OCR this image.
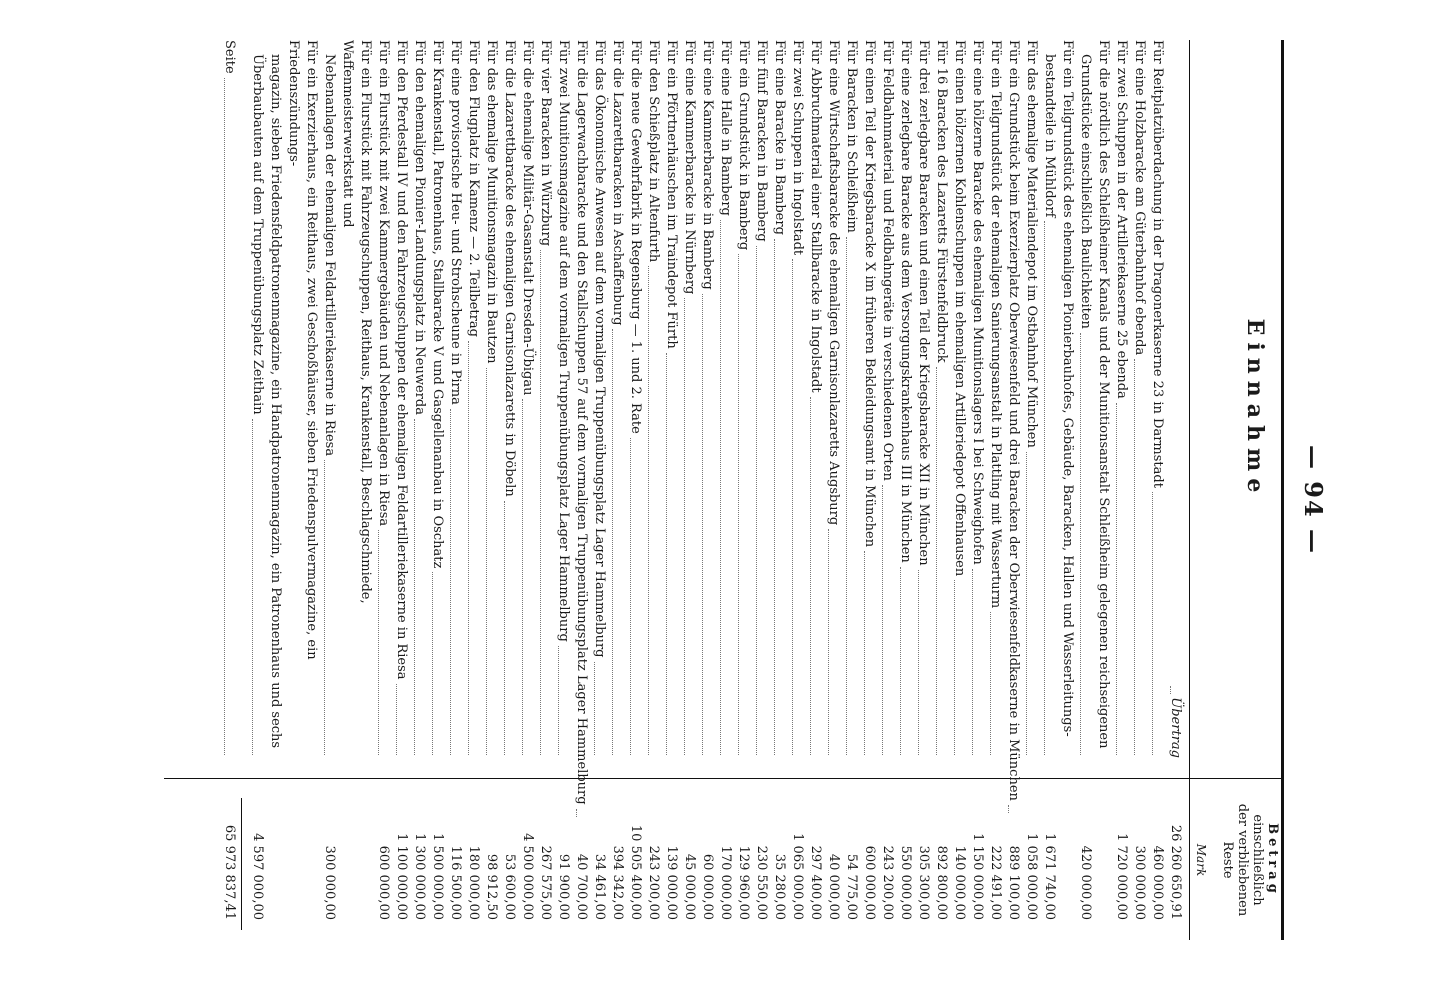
— 94 —
Einnahme
Betrag
einschließlich
der verbliebenen
Reste
Mark
Übertrag
26 260 650,91
Für Reitplatzüberdachung in der Dragonerkaserne 23 in Darmstadt
460 000,00
Für eine Holzbaracke am Güterbahnhof ebenda
300 000,00
Für zwei Schuppen in der Artilleriekaserne 25 ebenda
1 720 000,00
Für die nördlich des Schleißheimer Kanals und der Munitionsanstalt Schleißheim gelegenen reichseigenen
Grundstücke einschließlich Baulichkeiten
420 000,00
Für ein Teilgrundstück des ehemaligen Pionierbauhofes, Gebäude, Baracken, Hallen und Wasserleitungs-
bestandteile in Mühldorf
1 671 740,00
Für das ehemalige Materialiendepot im Ostbahnhof München
1 058 000,00
Für ein Grundstück beim Exerzierplatz Oberwiesenfeld und drei Baracken der Oberwiesenfeldkaserne in München
889 100,00
Für ein Teilgrundstück der ehemaligen Sanierungsanstalt in Plattling mit Wasserturm
222 491,00
Für eine hölzerne Baracke des ehemaligen Munitionslagers I bei Schweighofen
1 150 000,00
Für einen hölzernen Kohlenschuppen im ehemaligen Artilleriedepot Offenhausen
140 000,00
Für 16 Baracken des Lazaretts Fürstenfeldbruck
892 800,00
Für drei zerlegbare Baracken und einen Teil der Kriegsbaracke XII in München
305 300,00
Für eine zerlegbare Baracke aus dem Versorgungskrankenhaus III in München
550 000,00
Für Feldbahnmaterial und Feldbahngeräte in verschiedenen Orten
243 200,00
Für einen Teil der Kriegsbaracke X im früheren Bekleidungsamt in München
600 000,00
Für Baracken in Schleißheim
54 775,00
Für eine Wirtschaftsbaracke des ehemaligen Garnisonlazaretts Augsburg
40 000,00
Für Abbruchmaterial einer Stallbaracke in Ingolstadt
297 400,00
Für zwei Schuppen in Ingolstadt
1 065 000,00
Für eine Baracke in Bamberg
35 280,00
Für fünf Baracken in Bamberg
230 550,00
Für ein Grundstück in Bamberg
129 960,00
Für eine Halle in Bamberg
170 000,00
Für eine Kammerbaracke in Bamberg
60 000,00
Für eine Kammerbaracke in Nürnberg
45 000,00
Für ein Pförtnerhäuschen im Traindepot Fürth
139 000,00
Für den Schießplatz in Altenfurth
243 200,00
Für die neue Gewehrfabrik in Regensburg — 1. und 2. Rate
10 505 400,00
Für die Lazarettbaracken in Aschaffenburg
394 342,00
Für das Ökonomische Anwesen auf dem vormaligen Truppenübungsplatz Lager Hammelburg
34 461,00
Für die Lagerwachbaracke und den Stallschuppen 57 auf dem vormaligen Truppenübungsplatz Lager Hammelburg
40 700,00
Für zwei Munitionsmagazine auf dem vormaligen Truppenübungsplatz Lager Hammelburg
91 900,00
Für vier Baracken in Würzburg
267 575,00
Für die ehemalige Militär-Gasanstalt Dresden-Übigau
4 500 000,00
Für die Lazarettbaracke des ehemaligen Garnisonlazaretts in Döbeln
53 600,00
Für das ehemalige Munitionsmagazin in Bautzen
98 912,50
Für den Flugplatz in Kamenz — 2. Teilbetrag
180 000,00
Für eine provisorische Heu- und Strohscheune in Pirna
116 500,00
Für Krankenstall, Patronenhaus, Stallbaracke V und Gasgellenanbau in Oschatz
1 500 000,00
Für den ehemaligen Pionier-Landungsplatz in Neuwerda
1 300 000,00
Für den Pferdestall IV und den Fahrzeugschuppen der ehemaligen Feldartilleriekaserne in Riesa
1 100 000,00
Für ein Flurstück mit zwei Kammergebäuden und Nebenanlagen in Riesa
600 000,00
Für ein Flurstück mit Fahrzeugschuppen, Reithaus, Krankenstall, Beschlagschmiede, Waffenmeisterwerkstatt und
Nebenanlagen der ehemaligen Feldartilleriekaserne in Riesa
300 000,00
Für ein Exerzierhaus, ein Reithaus, zwei Geschoßhäuser, sieben Friedenspulvermagazine, ein Friedenszündungs-
magazin, sieben Friedensfeldpatronenmagazine, ein Handpatronenmagazin, ein Patronenhaus und sechs
Überbaubauten auf dem Truppenübungsplatz Zeithain
4 597 000,00
Seite
65 973 837,41
